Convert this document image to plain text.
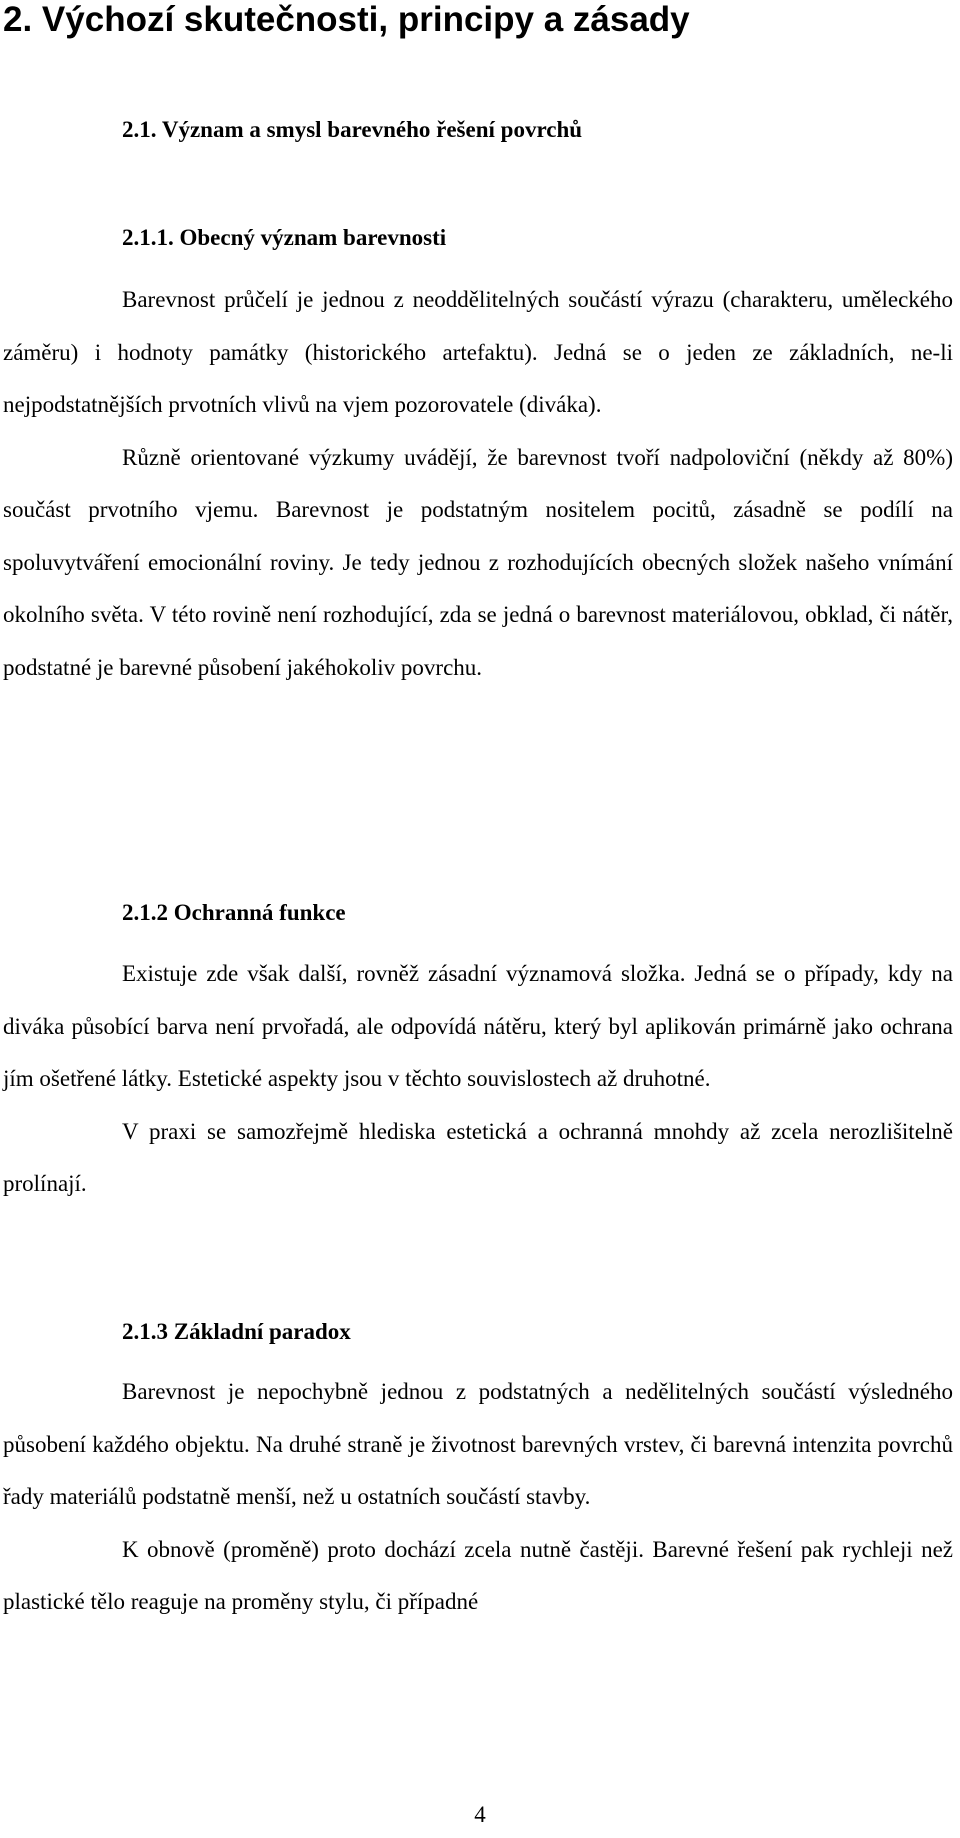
2. Výchozí skutečnosti, principy a zásady
2.1. Význam a smysl barevného řešení povrchů
2.1.1. Obecný význam barevnosti

Barevnost průčelí je jednou z neoddělitelných součástí výrazu (charakteru, uměleckého záměru) i hodnoty památky (historického artefaktu). Jedná se o jeden ze základních, ne-li nejpodstatnějších prvotních vlivů na vjem pozorovatele (diváka).

Různě orientované výzkumy uvádějí, že barevnost tvoří nadpoloviční (někdy až 80%) součást prvotního vjemu. Barevnost je podstatným nositelem pocitů, zásadně se podílí na spoluvytváření emocionální roviny. Je tedy jednou z rozhodujících obecných složek našeho vnímání okolního světa. V této rovině není rozhodující, zda se jedná o barevnost materiálovou, obklad, či nátěr, podstatné je barevné působení jakéhokoliv povrchu.

2.1.2 Ochranná funkce

Existuje zde však další, rovněž zásadní významová složka. Jedná se o případy, kdy na diváka působící barva není prvořadá, ale odpovídá nátěru, který byl aplikován primárně jako ochrana jím ošetřené látky. Estetické aspekty jsou v těchto souvislostech až druhotné.

V praxi se samozřejmě hlediska estetická a ochranná mnohdy až zcela nerozlišitelně prolínají.

2.1.3 Základní paradox

Barevnost je nepochybně jednou z podstatných a nedělitelných součástí výsledného působení každého objektu. Na druhé straně je životnost barevných vrstev, či barevná intenzita povrchů řady materiálů podstatně menší, než u ostatních součástí stavby.

K obnově (proměně) proto dochází zcela nutně častěji. Barevné řešení pak rychleji než plastické tělo reaguje na proměny stylu, či případné

4
